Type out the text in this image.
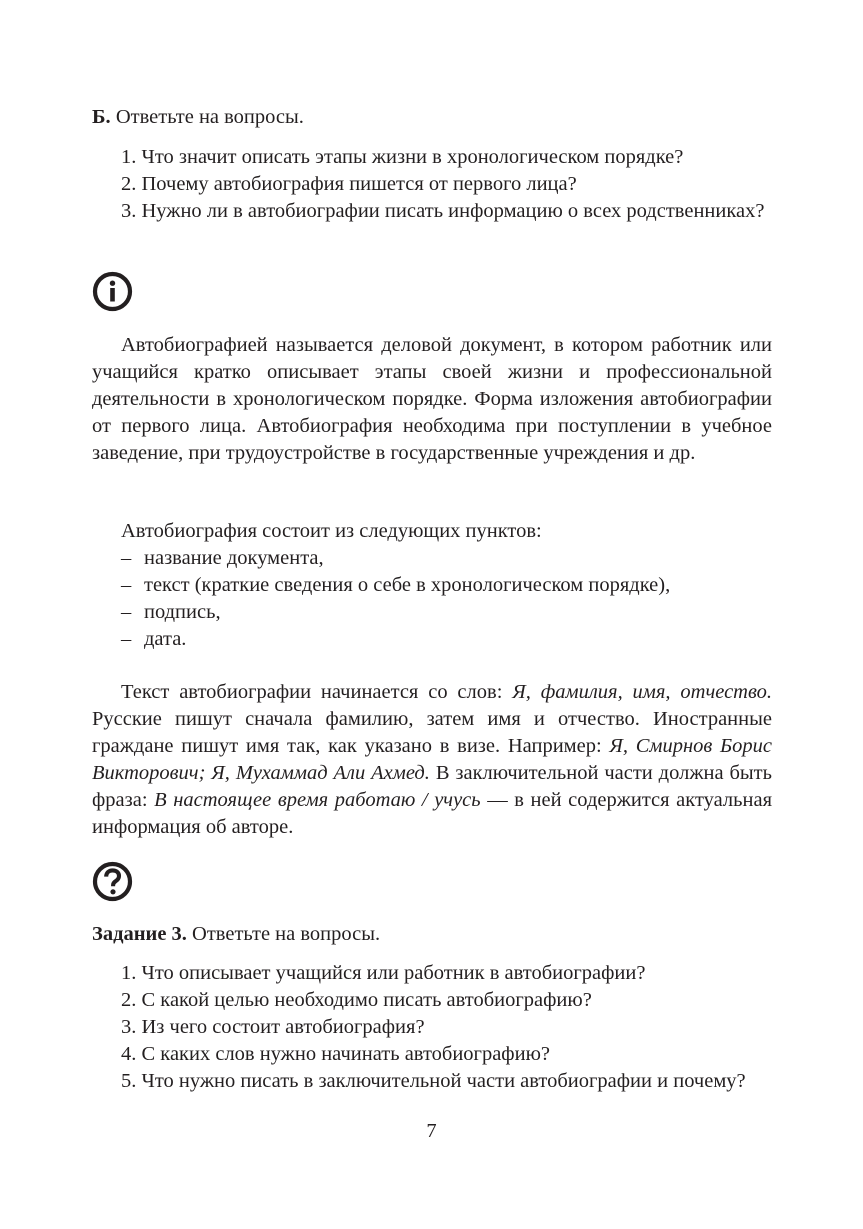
Б. Ответьте на вопросы.

1. Что значит описать этапы жизни в хронологическом порядке?
2. Почему автобиография пишется от первого лица?
3. Нужно ли в автобиографии писать информацию о всех родственниках?

Автобиографией называется деловой документ, в котором работник или учащийся кратко описывает этапы своей жизни и профессиональной деятельности в хронологическом порядке. Форма изложения автобиографии от первого лица. Автобиография необходима при поступлении в учебное заведение, при трудоустройстве в государственные учреждения и др.

Автобиография состоит из следующих пунктов:

– название документа,
– текст (краткие сведения о себе в хронологическом порядке),
– подпись,
– дата.

Текст автобиографии начинается со слов: Я, фамилия, имя, отчество. Русские пишут сначала фамилию, затем имя и отчество. Иностранные граждане пишут имя так, как указано в визе. Например: Я, Смирнов Борис Викторович; Я, Мухаммад Али Ахмед. В заключительной части должна быть фраза: В настоящее время работаю / учусь — в ней содержится актуальная информация об авторе.

Задание 3. Ответьте на вопросы.

1. Что описывает учащийся или работник в автобиографии?
2. С какой целью необходимо писать автобиографию?
3. Из чего состоит автобиография?
4. С каких слов нужно начинать автобиографию?
5. Что нужно писать в заключительной части автобиографии и почему?
7
